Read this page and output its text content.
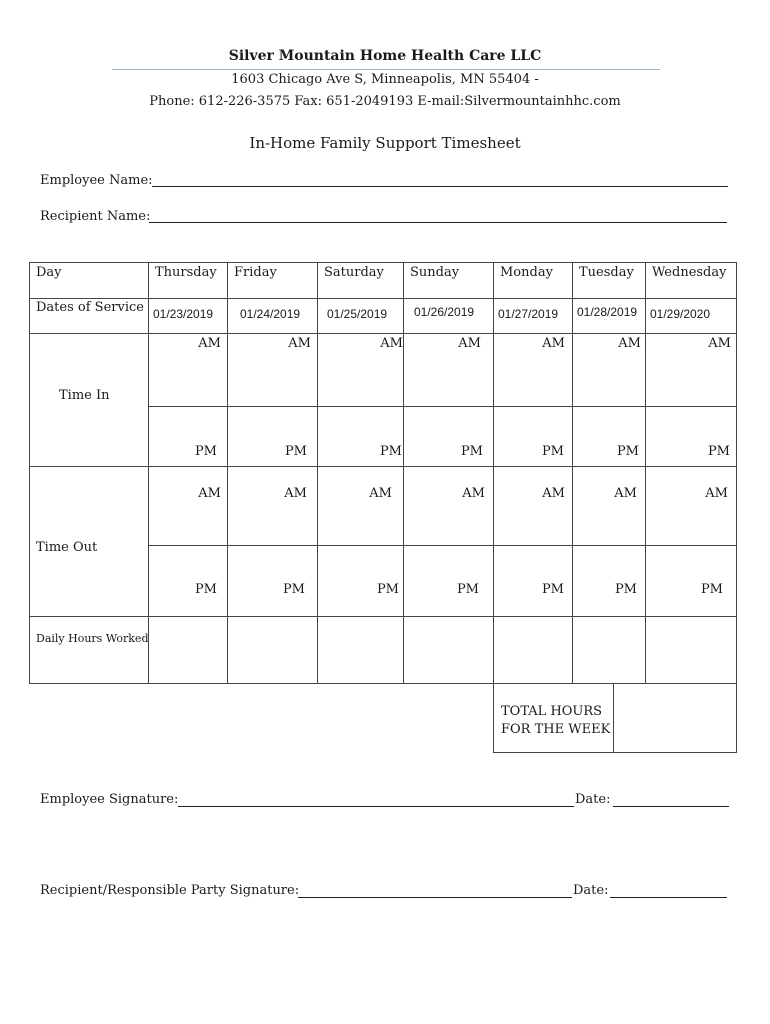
Silver Mountain Home Health Care LLC
1603 Chicago Ave S, Minneapolis, MN 55404 -
Phone: 612-226-3575 Fax: 651-2049193 E-mail:Silvermountainhhc.com
In-Home Family Support Timesheet
Employee Name:
Recipient Name:
Day
Dates of Service
Time In
Time Out
Daily Hours Worked
Thursday
01/23/2019
AM
PM
AM
PM
Friday
01/24/2019
AM
PM
AM
PM
Saturday
01/25/2019
AM
PM
AM
PM
Sunday
01/26/2019
AM
PM
AM
PM
Monday
01/27/2019
AM
PM
AM
PM
Tuesday
01/28/2019
AM
PM
AM
PM
Wednesday
01/29/2020
AM
PM
AM
PM
TOTAL HOURS
FOR THE WEEK
Employee Signature:	Date:
Recipient/Responsible Party Signature:	Date:
